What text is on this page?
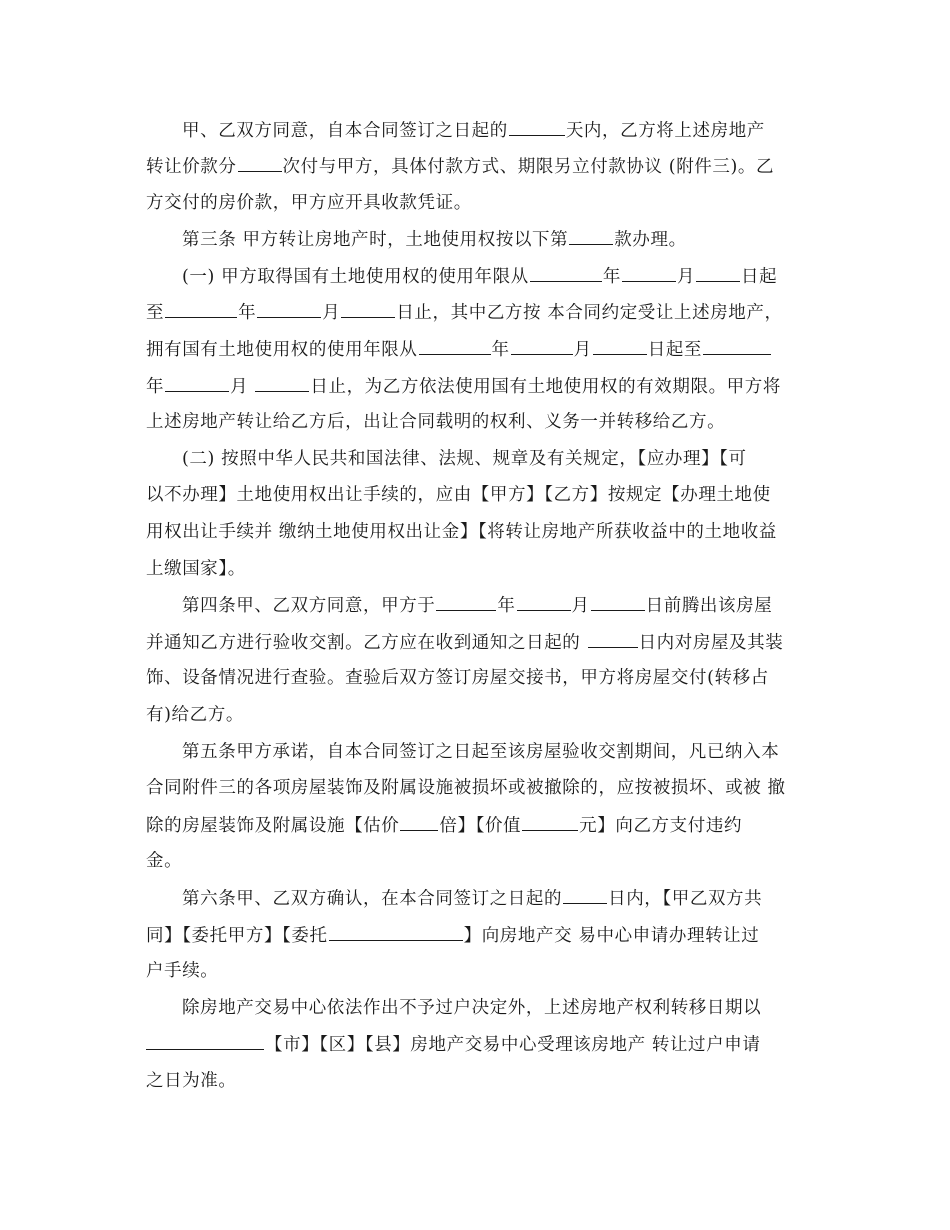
甲、乙双方同意，自本合同签订之日起的	天内，乙方将上述房地产
转让价款分	次付与甲方，具体付款方式、期限另立付款协议 (附件三)。乙
方交付的房价款，甲方应开具收款凭证。
第三条 甲方转让房地产时，土地使用权按以下第	款办理。
(一) 甲方取得国有土地使用权的使用年限从	年	月	日起
至	年	月	日止，其中乙方按 本合同约定受让上述房地产，
拥有国有土地使用权的使用年限从	年	月	日起至
年	月	日止，为乙方依法使用国有土地使用权的有效期限。甲方将
上述房地产转让给乙方后，出让合同载明的权利、义务一并转移给乙方。
(二) 按照中华人民共和国法律、法规、规章及有关规定，【应办理】【可
以不办理】土地使用权出让手续的，应由【甲方】【乙方】按规定【办理土地使
用权出让手续并 缴纳土地使用权出让金】【将转让房地产所获收益中的土地收益
上缴国家】。
第四条甲、乙双方同意，甲方于	年	月	日前腾出该房屋
并通知乙方进行验收交割。乙方应在收到通知之日起的	日内对房屋及其装
饰、设备情况进行查验。查验后双方签订房屋交接书，甲方将房屋交付(转移占
有)给乙方。
第五条甲方承诺，自本合同签订之日起至该房屋验收交割期间，凡已纳入本
合同附件三的各项房屋装饰及附属设施被损坏或被撤除的，应按被损坏、或被 撤
除的房屋装饰及附属设施【估价 倍】【价值	元】向乙方支付违约
金。
第六条甲、乙双方确认，在本合同签订之日起的	日内，【甲乙双方共
同】【委托甲方】【委托	】向房地产交 易中心申请办理转让过
户手续。
除房地产交易中心依法作出不予过户决定外，上述房地产权利转移日期以
【市】【区】【县】房地产交易中心受理该房地产 转让过户申请
之日为准。
